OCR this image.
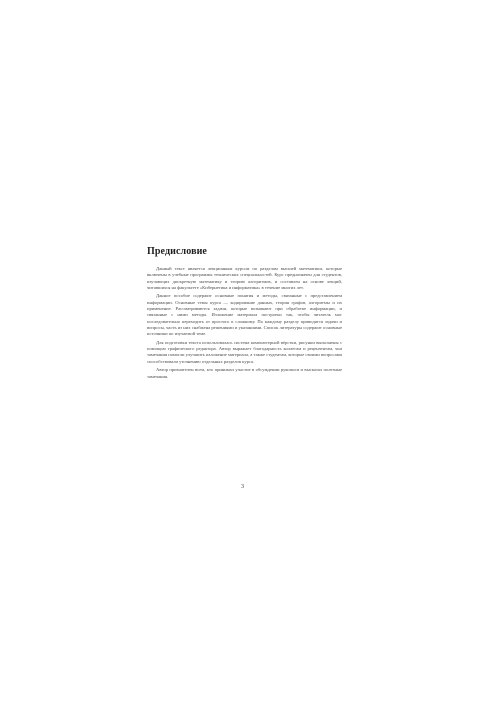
Предисловие

Данный текст является лекционным курсом по разделам высшей математики, которые включены в учебные программы технических специальностей. Курс предназначен для студентов, изучающих дискретную математику и теорию алгоритмов, и составлен на основе лекций, читавшихся на факультете «Кибернетика и информатика» в течение многих лет.

Данное пособие содержит основные понятия и методы, связанные с представлением информации. Основные темы курса — кодирование данных, теория графов, алгоритмы и их применение. Рассматриваются задачи, которые возникают при обработке информации, и связанные с ними методы. Изложение материала построено так, чтобы читатель мог последовательно переходить от простого к сложному. По каждому разделу приводятся задачи и вопросы, часть из них снабжена решениями и указаниями. Список литературы содержит основные источники по изучаемой теме.

Для подготовки текста использовалась система компьютерной вёрстки, рисунки выполнены с помощью графического редактора. Автор выражает благодарность коллегам и рецензентам, чьи замечания помогли улучшить изложение материала, а также студентам, которые своими вопросами способствовали уточнению отдельных разделов курса.

Автор признателен всем, кто принимал участие в обсуждении рукописи и высказал полезные замечания.

3
